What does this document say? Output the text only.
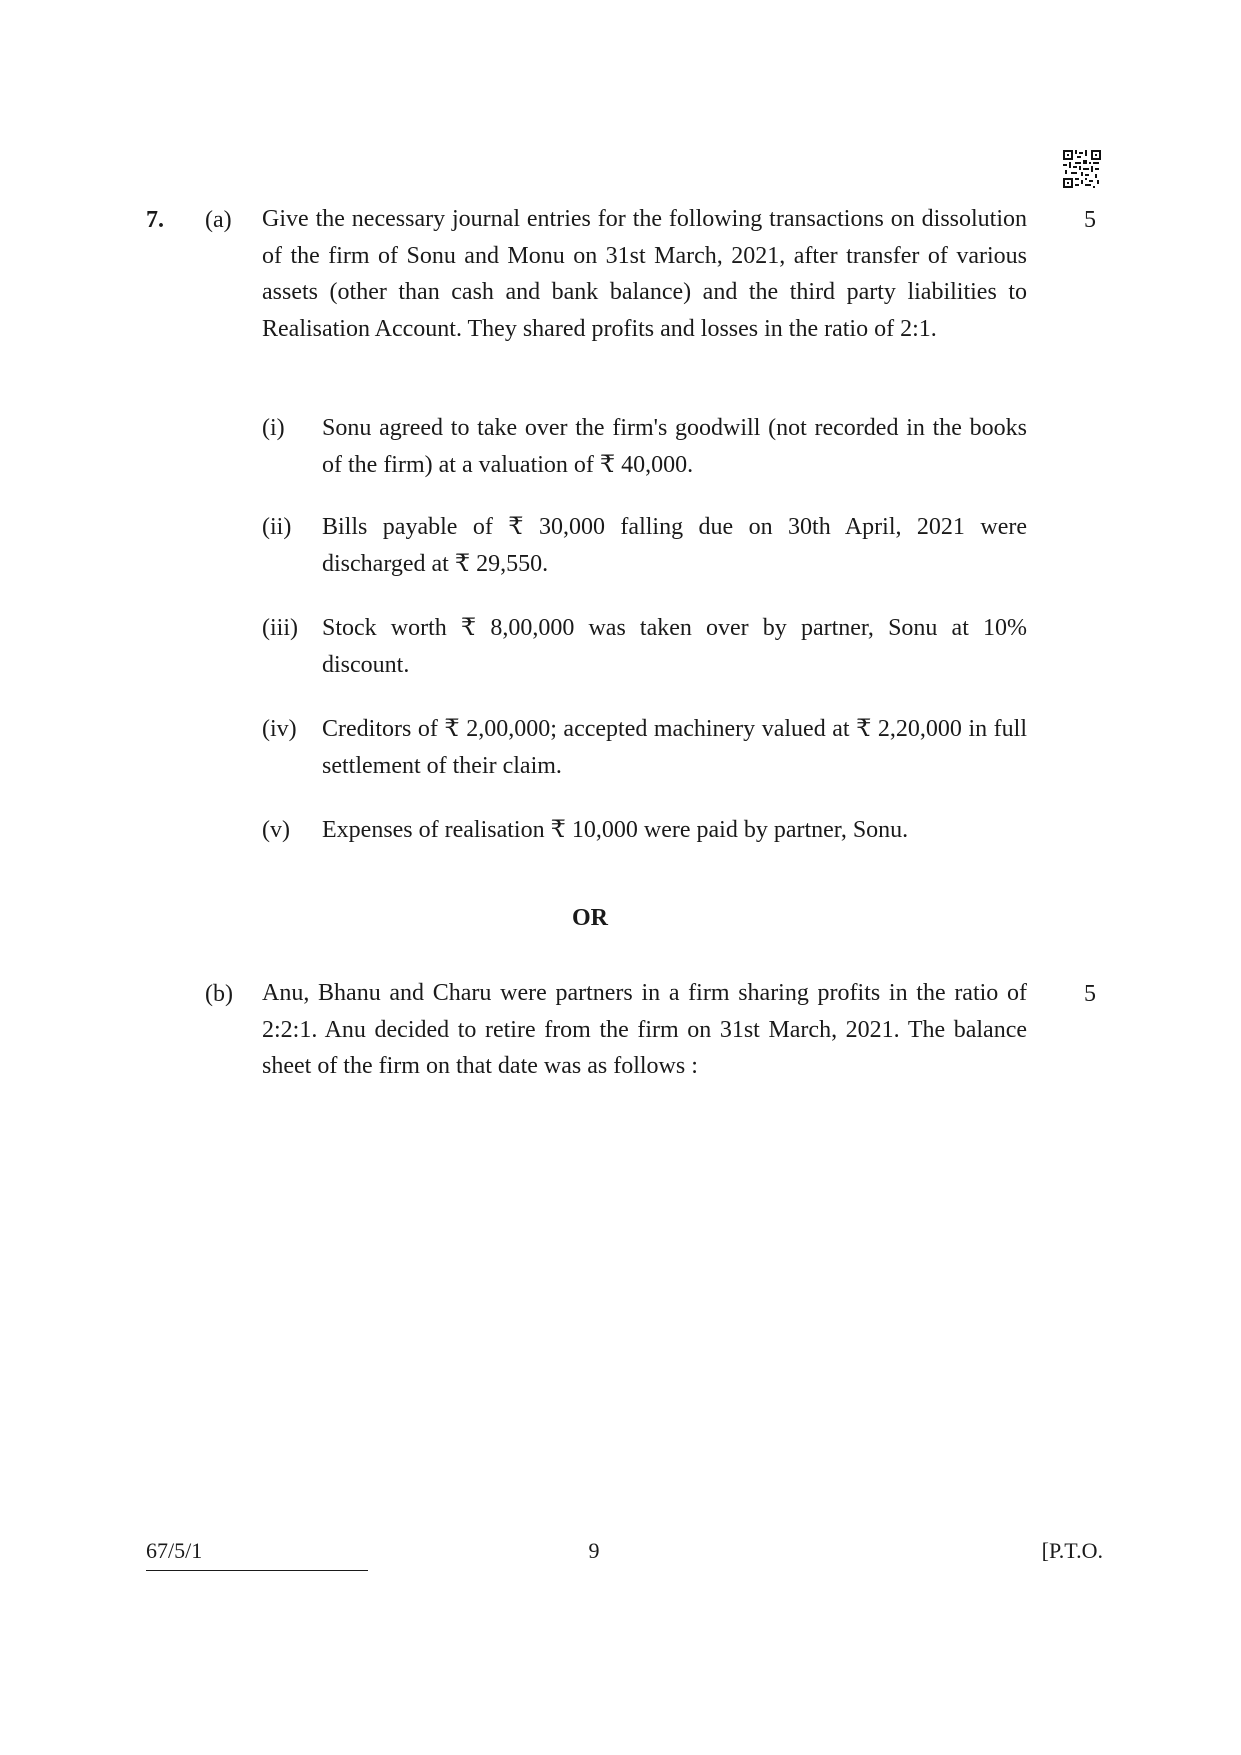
7. (a)	5
Give the necessary journal entries for the following transactions on dissolution of the firm of Sonu and Monu on 31st March, 2021, after transfer of various assets (other than cash and bank balance) and the third party liabilities to Realisation Account. They shared profits and losses in the ratio of 2:1.
(i) Sonu agreed to take over the firm's goodwill (not recorded in the books of the firm) at a valuation of ₹ 40,000.
(ii) Bills payable of ₹ 30,000 falling due on 30th April, 2021 were discharged at ₹ 29,550.
(iii) Stock worth ₹ 8,00,000 was taken over by partner, Sonu at 10% discount.
(iv) Creditors of ₹ 2,00,000; accepted machinery valued at ₹ 2,20,000 in full settlement of their claim.
(v) Expenses of realisation ₹ 10,000 were paid by partner, Sonu.
OR
(b)	5
Anu, Bhanu and Charu were partners in a firm sharing profits in the ratio of 2:2:1. Anu decided to retire from the firm on 31st March, 2021. The balance sheet of the firm on that date was as follows :
67/5/1	9	[P.T.O.
